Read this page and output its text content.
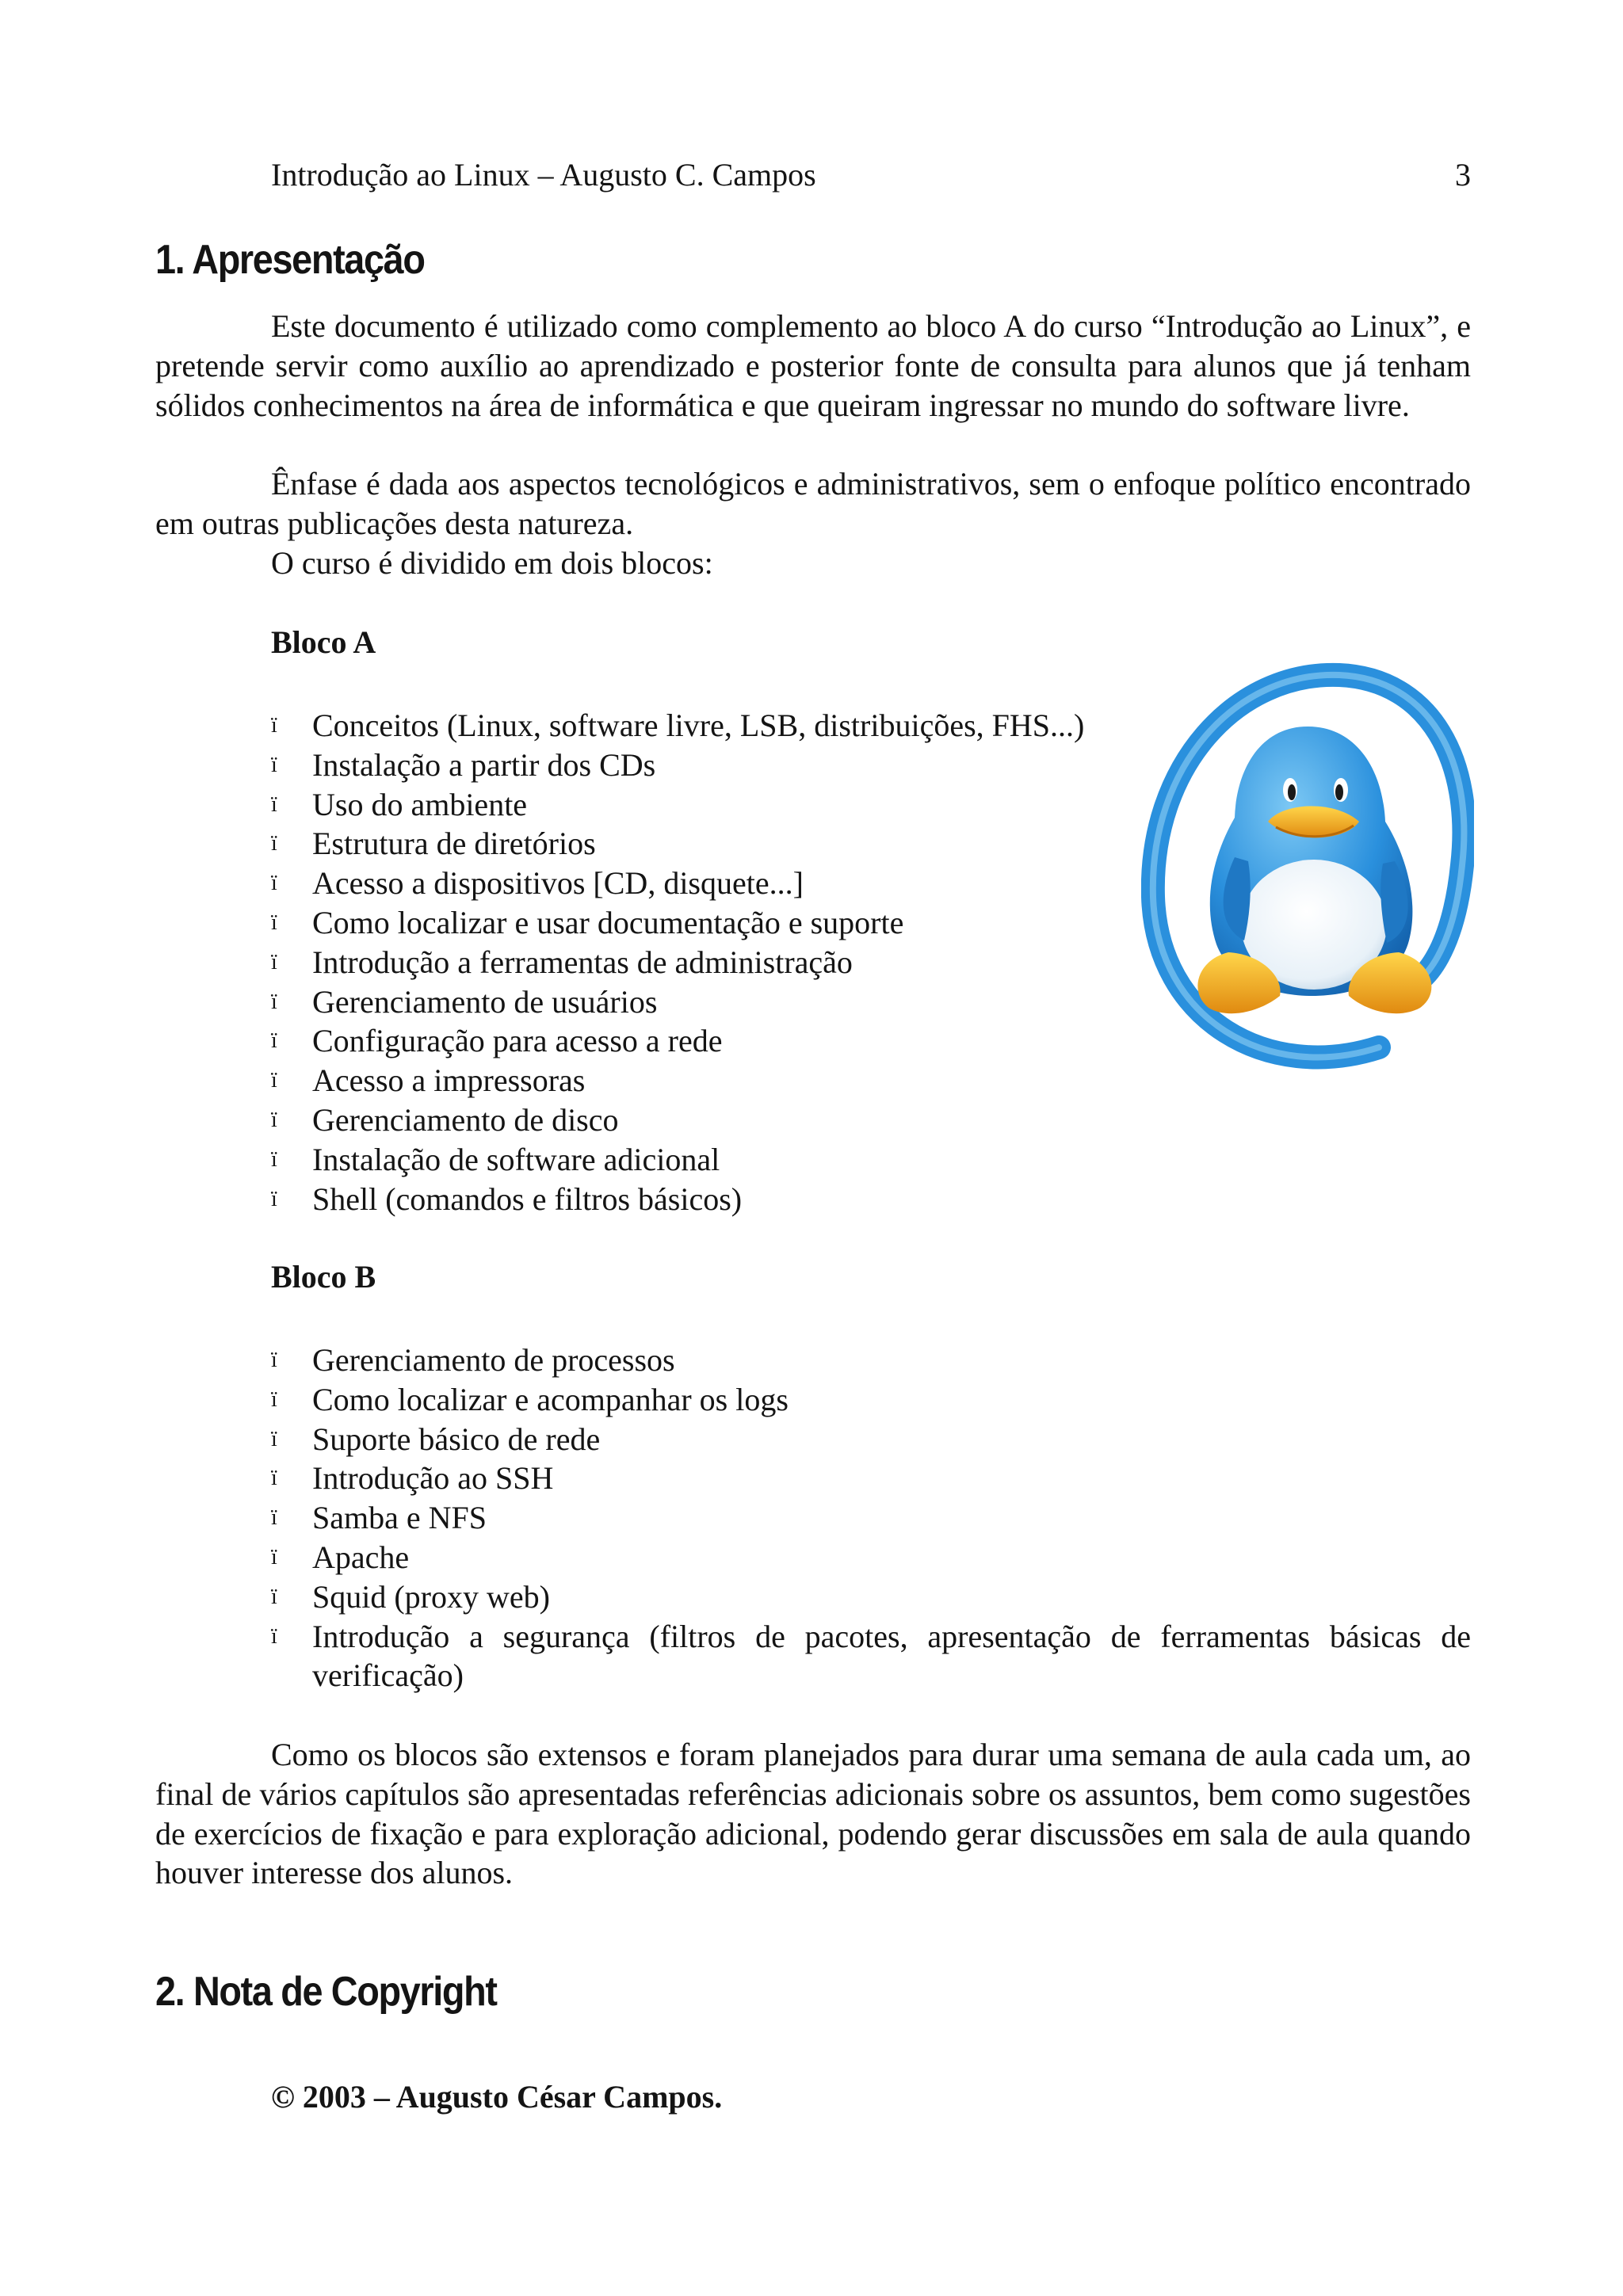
Introdução ao Linux – Augusto C. Campos	3
1. Apresentação

Este documento é utilizado como complemento ao bloco A do curso “Introdução ao Linux”, e pretende servir como auxílio ao aprendizado e posterior fonte de consulta para alunos que já tenham sólidos conhecimentos na área de informática e que queiram ingressar no mundo do software livre.

Ênfase é dada aos aspectos tecnológicos e administrativos, sem o enfoque político encontrado em outras publicações desta natureza.

O curso é dividido em dois blocos:

Bloco A

ï Conceitos (Linux, software livre, LSB, distribuições, FHS...)
ï Instalação a partir dos CDs
ï Uso do ambiente
ï Estrutura de diretórios
ï Acesso a dispositivos [CD, disquete...]
ï Como localizar e usar documentação e suporte
ï Introdução a ferramentas de administração
ï Gerenciamento de usuários
ï Configuração para acesso a rede
ï Acesso a impressoras
ï Gerenciamento de disco
ï Instalação de software adicional
ï Shell (comandos e filtros básicos)

Bloco B

ï Gerenciamento de processos
ï Como localizar e acompanhar os logs
ï Suporte básico de rede
ï Introdução ao SSH
ï Samba e NFS
ï Apache
ï Squid (proxy web)
ï Introdução a segurança (filtros de pacotes, apresentação de ferramentas básicas de verificação)

Como os blocos são extensos e foram planejados para durar uma semana de aula cada um, ao final de vários capítulos são apresentadas referências adicionais sobre os assuntos, bem como sugestões de exercícios de fixação e para exploração adicional, podendo gerar discussões em sala de aula quando houver interesse dos alunos.

2. Nota de Copyright

© 2003 – Augusto César Campos.
